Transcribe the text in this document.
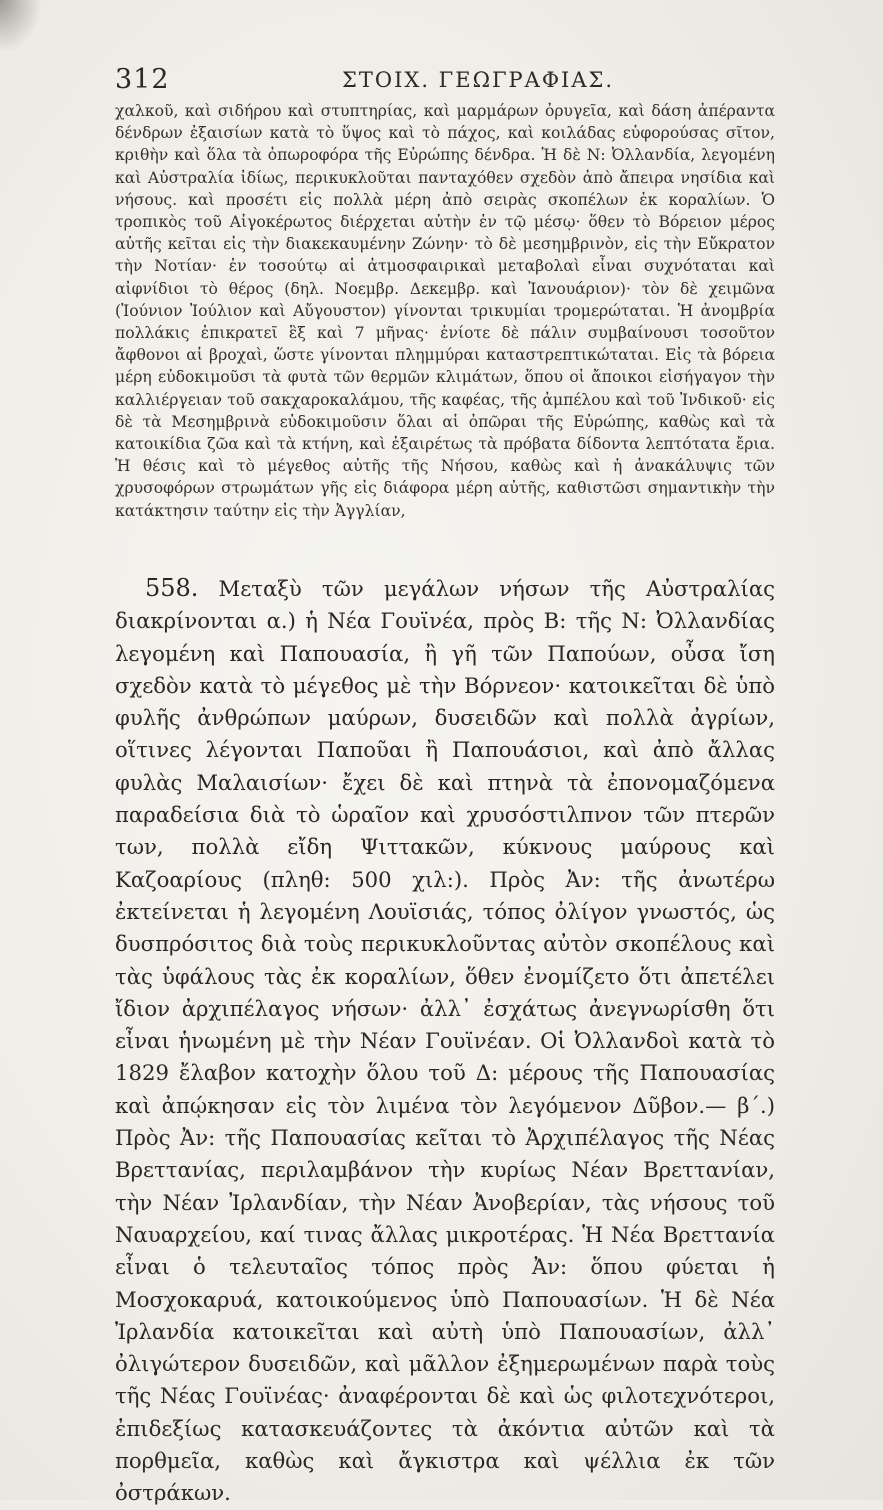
312	ΣΤΟΙΧ. ΓΕΩΓΡΑΦΙΑΣ.

χαλκοῦ, καὶ σιδήρου καὶ στυπτηρίας, καὶ μαρμάρων ὀρυγεῖα, καὶ δάση ἀπέραντα δένδρων ἐξαισίων κατὰ τὸ ὕψος καὶ τὸ πάχος, καὶ κοιλάδας εὐφορούσας σῖτον, κριθὴν καὶ ὅλα τὰ ὀπωροφόρα τῆς Εὐρώπης δένδρα. Ἡ δὲ Ν: Ὀλλανδία, λεγομένη καὶ Αὐστραλία ἰδίως, περικυκλοῦται πανταχόθεν σχεδὸν ἀπὸ ἄπειρα νησίδια καὶ νήσους. καὶ προσέτι εἰς πολλὰ μέρη ἀπὸ σειρὰς σκοπέλων ἐκ κοραλίων. Ὁ τροπικὸς τοῦ Αἰγοκέρωτος διέρχεται αὐτὴν ἐν τῷ μέσῳ· ὅθεν τὸ Βόρειον μέρος αὐτῆς κεῖται εἰς τὴν διακεκαυμένην Ζώνην· τὸ δὲ μεσημβρινὸν, εἰς τὴν Εὔκρατον τὴν Νοτίαν· ἐν τοσούτῳ αἱ ἀτμοσφαιρικαὶ μεταβολαὶ εἶναι συχνόταται καὶ αἰφνίδιοι τὸ θέρος (δηλ. Νοεμβρ. Δεκεμβρ. καὶ Ἰανουάριον)· τὸν δὲ χειμῶνα (Ἰούνιον Ἰούλιον καὶ Αὔγουστον) γίνονται τρικυμίαι τρομερώταται. Ἡ ἀνομβρία πολλάκις ἐπικρατεῖ ἓξ καὶ 7 μῆνας· ἐνίοτε δὲ πάλιν συμβαίνουσι τοσοῦτον ἄφθονοι αἱ βροχαὶ, ὥστε γίνονται πλημμύραι καταστρεπτικώταται. Εἰς τὰ βόρεια μέρη εὐδοκιμοῦσι τὰ φυτὰ τῶν θερμῶν κλιμάτων, ὅπου οἱ ἄποικοι εἰσήγαγον τὴν καλλιέργειαν τοῦ σακχαροκαλάμου, τῆς καφέας, τῆς ἀμπέλου καὶ τοῦ Ἰνδικοῦ· εἰς δὲ τὰ Μεσημβρινὰ εὐδοκιμοῦσιν ὅλαι αἱ ὀπῶραι τῆς Εὐρώπης, καθὼς καὶ τὰ κατοικίδια ζῶα καὶ τὰ κτήνη, καὶ ἐξαιρέτως τὰ πρόβατα δίδοντα λεπτότατα ἔρια. Ἡ θέσις καὶ τὸ μέγεθος αὐτῆς τῆς Νήσου, καθὼς καὶ ἡ ἀνακάλυψις τῶν χρυσοφόρων στρωμάτων γῆς εἰς διάφορα μέρη αὐτῆς, καθιστῶσι σημαντικὴν τὴν κατάκτησιν ταύτην εἰς τὴν Ἀγγλίαν,

558. Μεταξὺ τῶν μεγάλων νήσων τῆς Αὐστραλίας διακρίνονται α.) ἡ Νέα Γουϊνέα, πρὸς Β: τῆς Ν: Ὀλλανδίας λεγομένη καὶ Παπουασία, ἢ γῆ τῶν Παπούων, οὖσα ἴση σχεδὸν κατὰ τὸ μέγεθος μὲ τὴν Βόρνεον· κατοικεῖται δὲ ὑπὸ φυλῆς ἀνθρώπων μαύρων, δυσειδῶν καὶ πολλὰ ἀγρίων, οἵτινες λέγονται Παποῦαι ἢ Παπουάσιοι, καὶ ἀπὸ ἄλλας φυλὰς Μαλαισίων· ἔχει δὲ καὶ πτηνὰ τὰ ἐπονομαζόμενα παραδείσια διὰ τὸ ὡραῖον καὶ χρυσόστιλπνον τῶν πτερῶν των, πολλὰ εἴδη Ψιττακῶν, κύκνους μαύρους καὶ Καζοαρίους (πληθ: 500 χιλ:). Πρὸς Ἀν: τῆς ἀνωτέρω ἐκτείνεται ἡ λεγομένη Λουϊσιάς, τόπος ὀλίγον γνωστός, ὡς δυσπρόσιτος διὰ τοὺς περικυκλοῦντας αὐτὸν σκοπέλους καὶ τὰς ὑφάλους τὰς ἐκ κοραλίων, ὅθεν ἐνομίζετο ὅτι ἀπετέλει ἴδιον ἀρχιπέλαγος νήσων· ἀλλ᾽ ἐσχάτως ἀνεγνωρίσθη ὅτι εἶναι ἡνωμένη μὲ τὴν Νέαν Γουϊνέαν. Οἱ Ὀλλανδοὶ κατὰ τὸ 1829 ἔλαβον κατοχὴν ὅλου τοῦ Δ: μέρους τῆς Παπουασίας καὶ ἀπῴκησαν εἰς τὸν λιμένα τὸν λεγόμενον Δῦβον.— β΄.) Πρὸς Ἀν: τῆς Παπουασίας κεῖται τὸ Ἀρχιπέλαγος τῆς Νέας Βρεττανίας, περιλαμβάνον τὴν κυρίως Νέαν Βρεττανίαν, τὴν Νέαν Ἰρλανδίαν, τὴν Νέαν Ἀνοβερίαν, τὰς νήσους τοῦ Ναυαρχείου, καί τινας ἄλλας μικροτέρας. Ἡ Νέα Βρεττανία εἶναι ὁ τελευταῖος τόπος πρὸς Ἀν: ὅπου φύεται ἡ Μοσχοκαρυά, κατοικούμενος ὑπὸ Παπουασίων. Ἡ δὲ Νέα Ἰρλανδία κατοικεῖται καὶ αὐτὴ ὑπὸ Παπουασίων, ἀλλ᾽ ὀλιγώτερον δυσειδῶν, καὶ μᾶλλον ἐξημερωμένων παρὰ τοὺς τῆς Νέας Γουϊνέας· ἀναφέρονται δὲ καὶ ὡς φιλοτεχνότεροι, ἐπιδεξίως κατασκευάζοντες τὰ ἀκόντια αὐτῶν καὶ τὰ πορθμεῖα, καθὼς καὶ ἄγκιστρα καὶ ψέλλια ἐκ τῶν ὀστράκων.
